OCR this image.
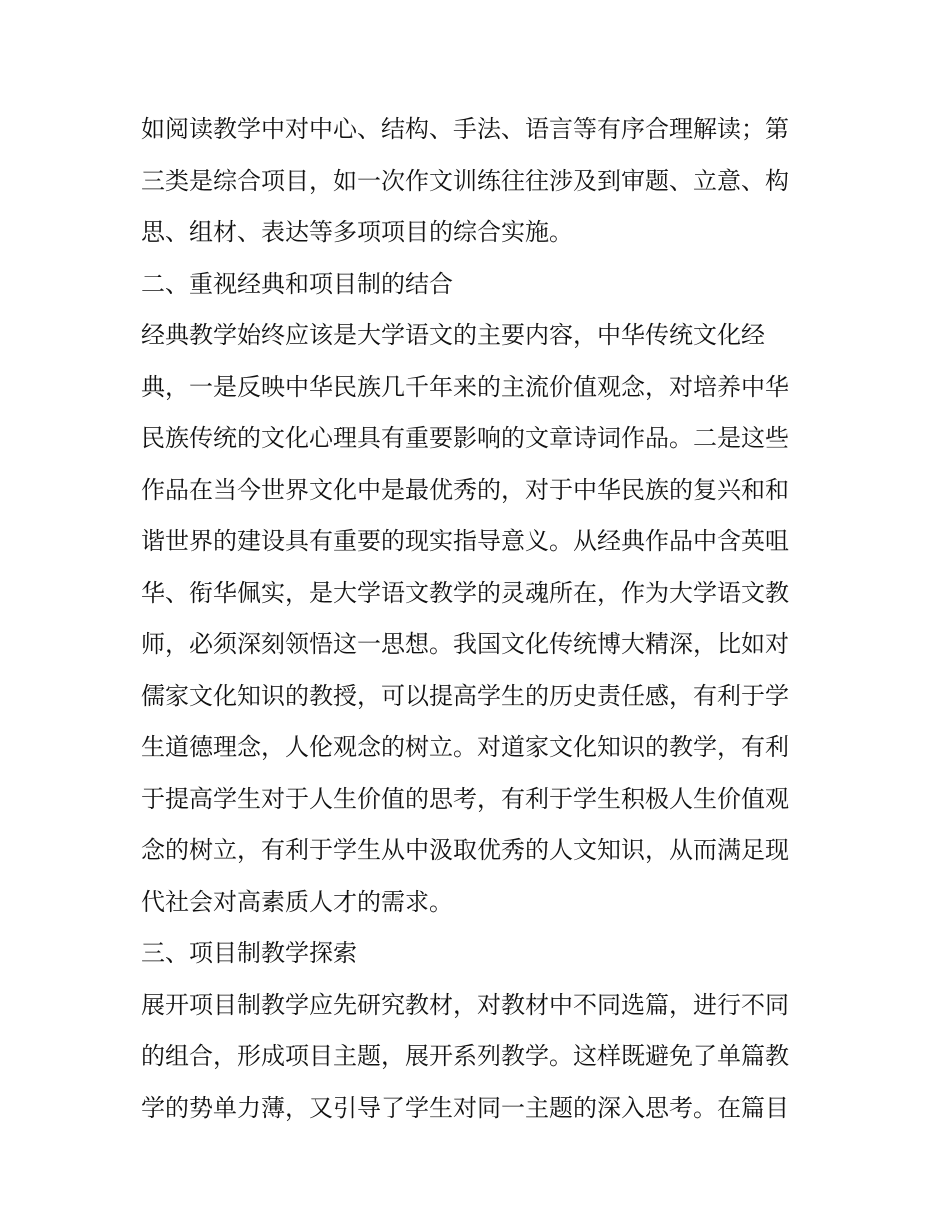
如阅读教学中对中心、结构、手法、语言等有序合理解读；第
三类是综合项目，如一次作文训练往往涉及到审题、立意、构
思、组材、表达等多项项目的综合实施。
二、重视经典和项目制的结合
经典教学始终应该是大学语文的主要内容，中华传统文化经
典，一是反映中华民族几千年来的主流价值观念，对培养中华
民族传统的文化心理具有重要影响的文章诗词作品。二是这些
作品在当今世界文化中是最优秀的，对于中华民族的复兴和和
谐世界的建设具有重要的现实指导意义。从经典作品中含英咀
华、衔华佩实，是大学语文教学的灵魂所在，作为大学语文教
师，必须深刻领悟这一思想。我国文化传统博大精深，比如对
儒家文化知识的教授，可以提高学生的历史责任感，有利于学
生道德理念，人伦观念的树立。对道家文化知识的教学，有利
于提高学生对于人生价值的思考，有利于学生积极人生价值观
念的树立，有利于学生从中汲取优秀的人文知识，从而满足现
代社会对高素质人才的需求。
三、项目制教学探索
展开项目制教学应先研究教材，对教材中不同选篇，进行不同
的组合，形成项目主题，展开系列教学。这样既避免了单篇教
学的势单力薄，又引导了学生对同一主题的深入思考。在篇目
